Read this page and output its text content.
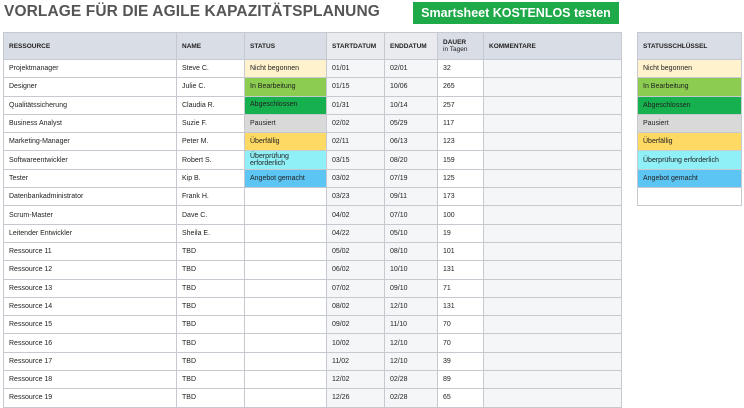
VORLAGE FÜR DIE AGILE KAPAZITÄTSPLANUNG	Smartsheet KOSTENLOS testen
RESSOURCE	NAME	STATUS	STARTDATUM	ENDDATUM	DAUER
in Tagen	KOMMENTARE
Projektmanager	Steve C.	Nicht begonnen	01/01	02/01	32	
Designer	Julie C.	In Bearbeitung	01/15	10/06	265	
Qualitätssicherung	Claudia R.	Abgeschlossen	01/31	10/14	257	
Business Analyst	Suzie F.	Pausiert	02/02	05/29	117	
Marketing-Manager	Peter M.	Überfällig	02/11	06/13	123	
Softwareentwickler	Robert S.	Überprüfung erforderlich	03/15	08/20	159	
Tester	Kip B.	Angebot gemacht	03/02	07/19	125	
Datenbankadministrator	Frank H.		03/23	09/11	173	
Scrum-Master	Dave C.		04/02	07/10	100	
Leitender Entwickler	Sheila E.		04/22	05/10	19	
Ressource 11	TBD		05/02	08/10	101	
Ressource 12	TBD		06/02	10/10	131	
Ressource 13	TBD		07/02	09/10	71	
Ressource 14	TBD		08/02	12/10	131	
Ressource 15	TBD		09/02	11/10	70	
Ressource 16	TBD		10/02	12/10	70	
Ressource 17	TBD		11/02	12/10	39	
Ressource 18	TBD		12/02	02/28	89	
Ressource 19	TBD		12/26	02/28	65	
STATUSSCHLÜSSEL
Nicht begonnen
In Bearbeitung
Abgeschlossen
Pausiert
Überfällig
Überprüfung erforderlich
Angebot gemacht
